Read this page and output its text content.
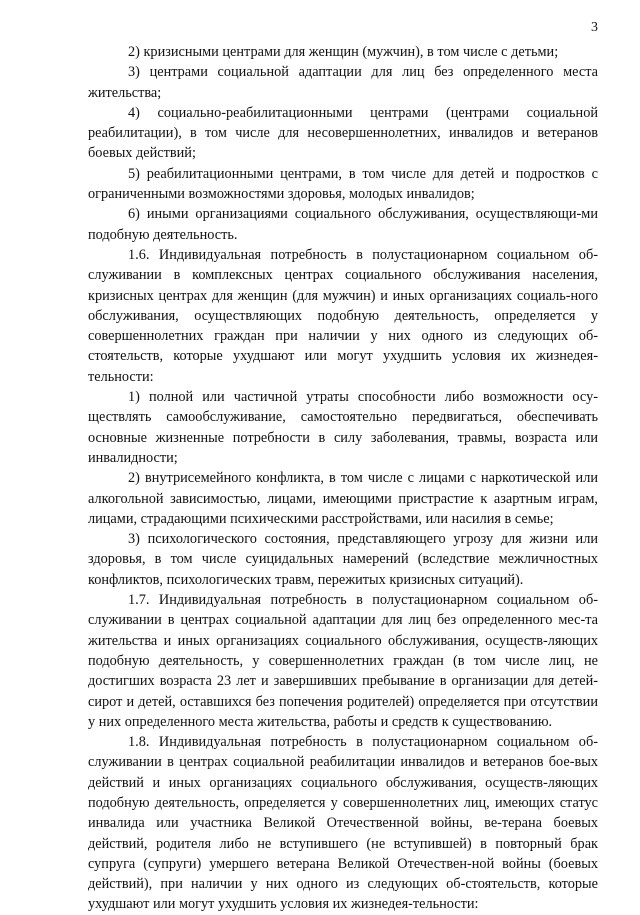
3

2) кризисными центрами для женщин (мужчин), в том числе с детьми;

3) центрами социальной адаптации для лиц без определенного места жительства;

4) социально-реабилитационными центрами (центрами социальной реабилитации), в том числе для несовершеннолетних, инвалидов и ветеранов боевых действий;

5) реабилитационными центрами, в том числе для детей и подростков с ограниченными возможностями здоровья, молодых инвалидов;

6) иными организациями социального обслуживания, осуществляющи-ми подобную деятельность.

1.6. Индивидуальная потребность в полустационарном социальном об-служивании в комплексных центрах социального обслуживания населения, кризисных центрах для женщин (для мужчин) и иных организациях социаль-ного обслуживания, осуществляющих подобную деятельность, определяется у совершеннолетних граждан при наличии у них одного из следующих об-стоятельств, которые ухудшают или могут ухудшить условия их жизнедея-тельности:

1) полной или частичной утраты способности либо возможности осу-ществлять самообслуживание, самостоятельно передвигаться, обеспечивать основные жизненные потребности в силу заболевания, травмы, возраста или инвалидности;

2) внутрисемейного конфликта, в том числе с лицами с наркотической или алкогольной зависимостью, лицами, имеющими пристрастие к азартным играм, лицами, страдающими психическими расстройствами, или насилия в семье;

3) психологического состояния, представляющего угрозу для жизни или здоровья, в том числе суицидальных намерений (вследствие межличностных конфликтов, психологических травм, пережитых кризисных ситуаций).

1.7. Индивидуальная потребность в полустационарном социальном об-служивании в центрах социальной адаптации для лиц без определенного мес-та жительства и иных организациях социального обслуживания, осуществ-ляющих подобную деятельность, у совершеннолетних граждан (в том числе лиц, не достигших возраста 23 лет и завершивших пребывание в организации для детей-сирот и детей, оставшихся без попечения родителей) определяется при отсутствии у них определенного места жительства, работы и средств к существованию.

1.8. Индивидуальная потребность в полустационарном социальном об-служивании в центрах социальной реабилитации инвалидов и ветеранов бое-вых действий и иных организациях социального обслуживания, осуществ-ляющих подобную деятельность, определяется у совершеннолетних лиц, имеющих статус инвалида или участника Великой Отечественной войны, ве-терана боевых действий, родителя либо не вступившего (не вступившей) в повторный брак супруга (супруги) умершего ветерана Великой Отечествен-ной войны (боевых действий), при наличии у них одного из следующих об-стоятельств, которые ухудшают или могут ухудшить условия их жизнедея-тельности:
